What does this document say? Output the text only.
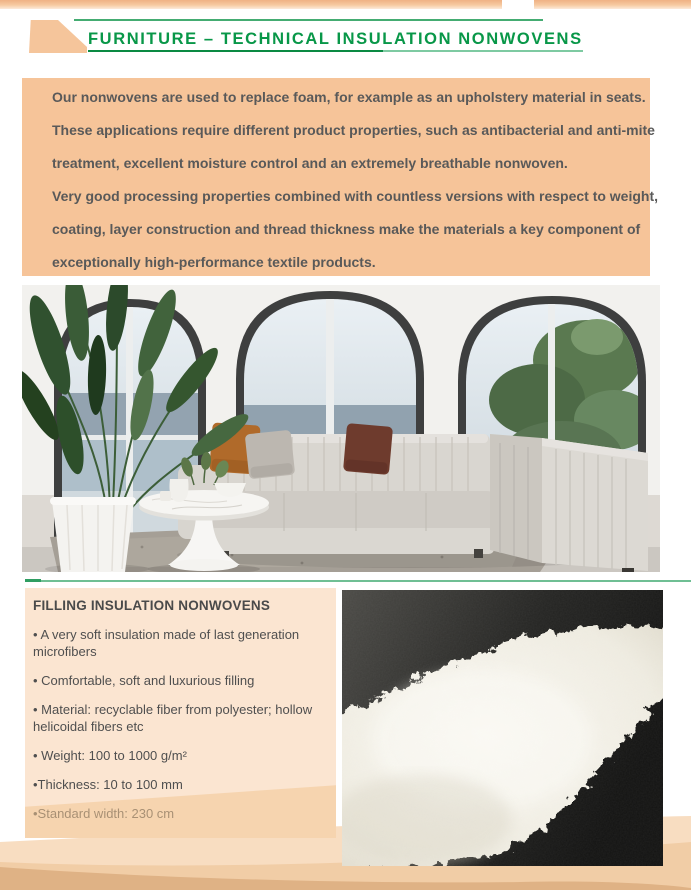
FURNITURE – TECHNICAL INSULATION NONWOVENS
Our nonwovens are used to replace foam, for example as an upholstery material in seats.
These applications require different product properties, such as antibacterial and anti-mite
treatment, excellent moisture control and an extremely breathable nonwoven.
Very good processing properties combined with countless versions with respect to weight,
coating, layer construction and thread thickness make the materials a key component of
exceptionally high-performance textile products.
FILLING INSULATION NONWOVENS
• A very soft insulation made of last generation
microfibers
• Comfortable, soft and luxurious filling
• Material: recyclable fiber from polyester; hollow
helicoidal fibers etc
• Weight: 100 to 1000 g/m²
•Thickness: 10 to 100 mm
